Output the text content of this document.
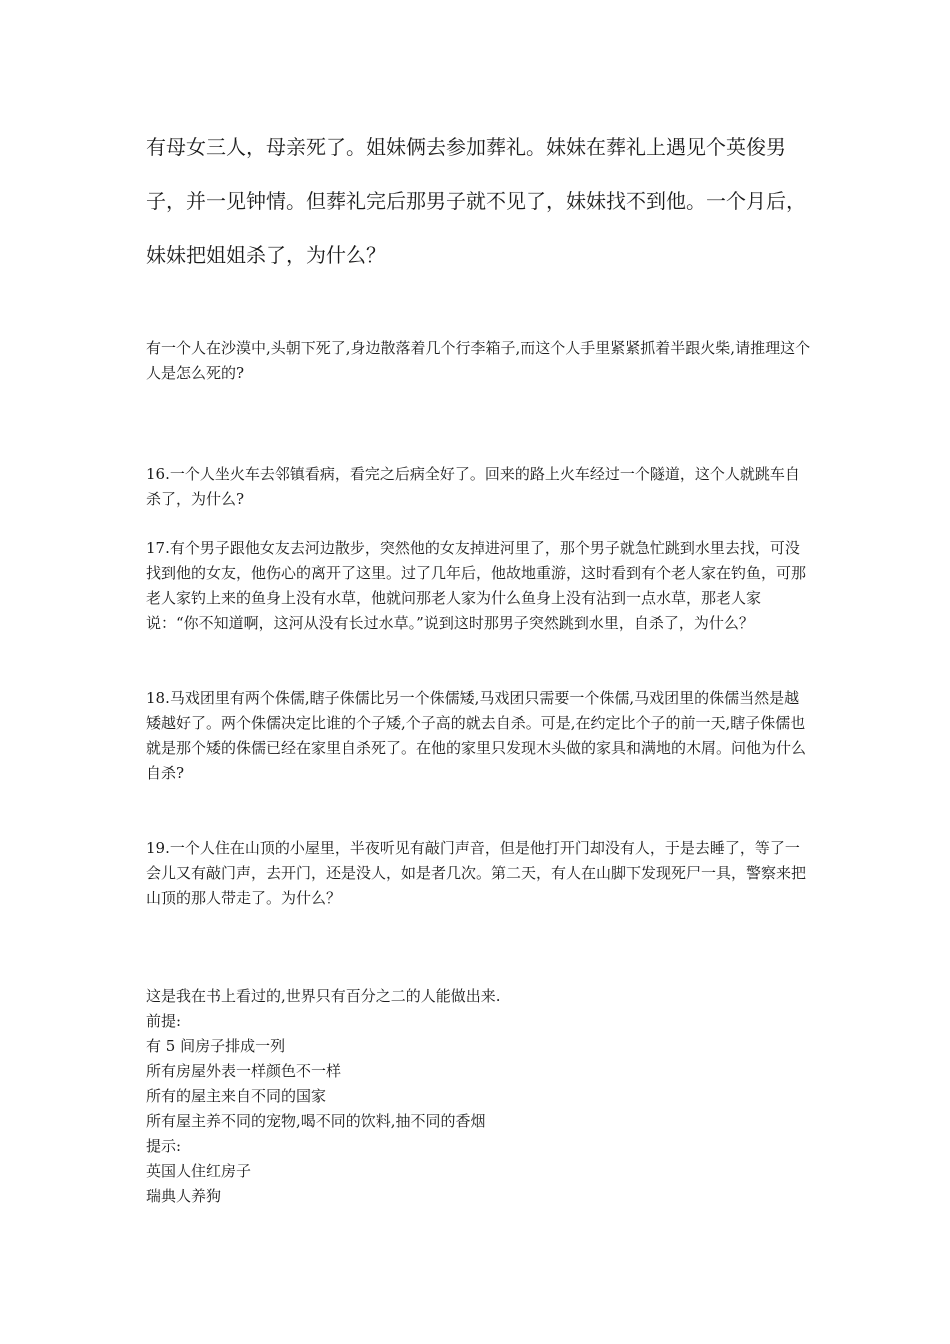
有母女三人，母亲死了。姐妹俩去参加葬礼。妹妹在葬礼上遇见个英俊男子，并一见钟情。但葬礼完后那男子就不见了，妹妹找不到他。一个月后，妹妹把姐姐杀了，为什么？

有一个人在沙漠中,头朝下死了,身边散落着几个行李箱子,而这个人手里紧紧抓着半跟火柴,请推理这个人是怎么死的?

16.一个人坐火车去邻镇看病，看完之后病全好了。回来的路上火车经过一个隧道，这个人就跳车自杀了，为什么?

17.有个男子跟他女友去河边散步，突然他的女友掉进河里了，那个男子就急忙跳到水里去找，可没找到他的女友，他伤心的离开了这里。过了几年后，他故地重游，这时看到有个老人家在钓鱼，可那老人家钓上来的鱼身上没有水草，他就问那老人家为什么鱼身上没有沾到一点水草，那老人家说：“你不知道啊，这河从没有长过水草。”说到这时那男子突然跳到水里，自杀了，为什么？

18.马戏团里有两个侏儒,瞎子侏儒比另一个侏儒矮,马戏团只需要一个侏儒,马戏团里的侏儒当然是越矮越好了。两个侏儒决定比谁的个子矮,个子高的就去自杀。可是,在约定比个子的前一天,瞎子侏儒也就是那个矮的侏儒已经在家里自杀死了。在他的家里只发现木头做的家具和满地的木屑。问他为什么自杀?

19.一个人住在山顶的小屋里，半夜听见有敲门声音，但是他打开门却没有人，于是去睡了，等了一会儿又有敲门声，去开门，还是没人，如是者几次。第二天，有人在山脚下发现死尸一具，警察来把山顶的那人带走了。为什么？

这是我在书上看过的,世界只有百分之二的人能做出来.
前提:
有 5 间房子排成一列
所有房屋外表一样颜色不一样
所有的屋主来自不同的国家
所有屋主养不同的宠物,喝不同的饮料,抽不同的香烟
提示:
英国人住红房子
瑞典人养狗
